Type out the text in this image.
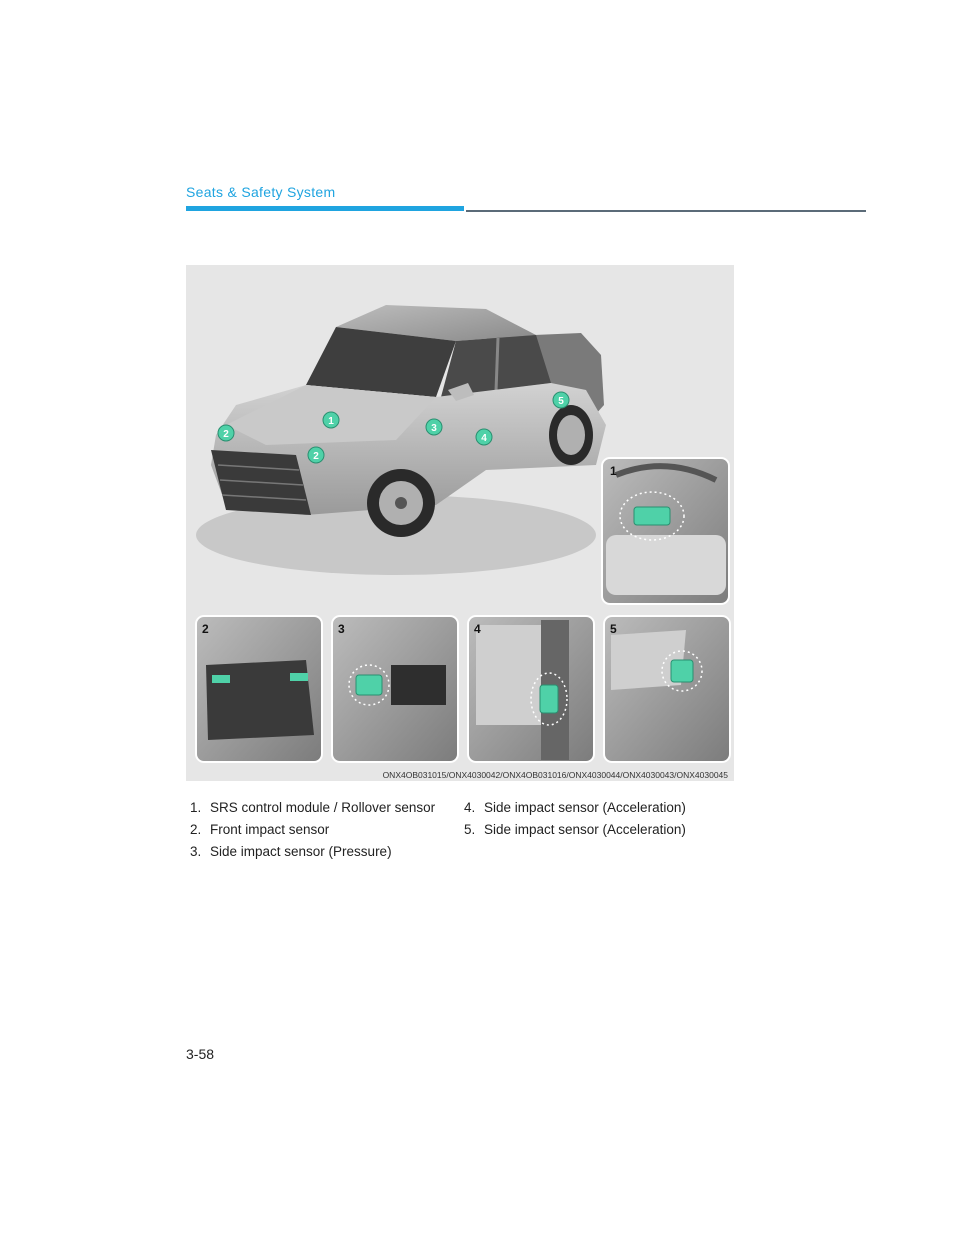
Seats & Safety System
1
2
2
3
4
5
1
2	3	4	5
ONX4OB031015/ONX4030042/ONX4OB031016/ONX4030044/ONX4030043/ONX4030045
1. SRS control module / Rollover sensor
2. Front impact sensor
3. Side impact sensor (Pressure)
4. Side impact sensor (Acceleration)
5. Side impact sensor (Acceleration)
3-58
